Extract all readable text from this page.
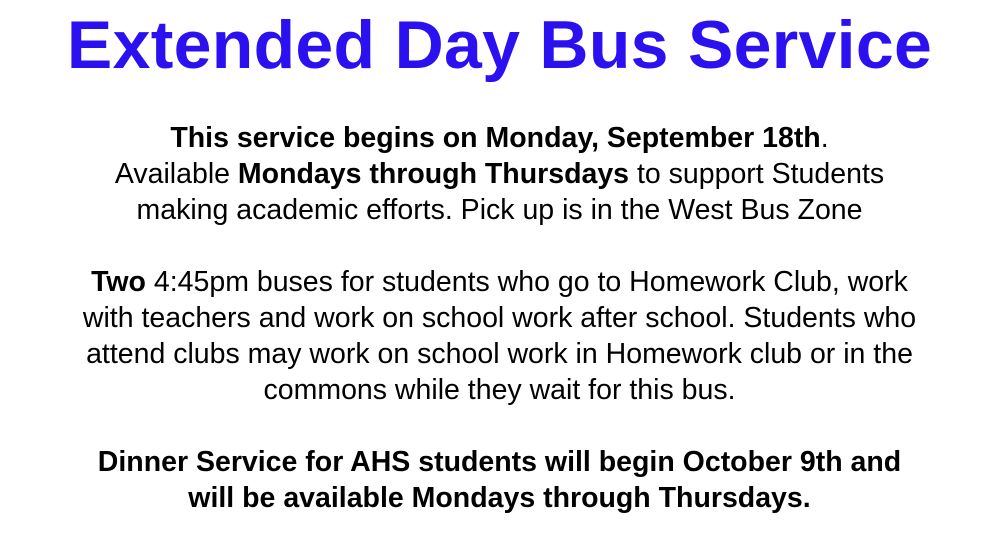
Extended Day Bus Service

This service begins on Monday, September 18th.
Available Mondays through Thursdays to support Students
making academic efforts. Pick up is in the West Bus Zone

Two 4:45pm buses for students who go to Homework Club, work
with teachers and work on school work after school. Students who
attend clubs may work on school work in Homework club or in the
commons while they wait for this bus.

Dinner Service for AHS students will begin October 9th and
will be available Mondays through Thursdays.
